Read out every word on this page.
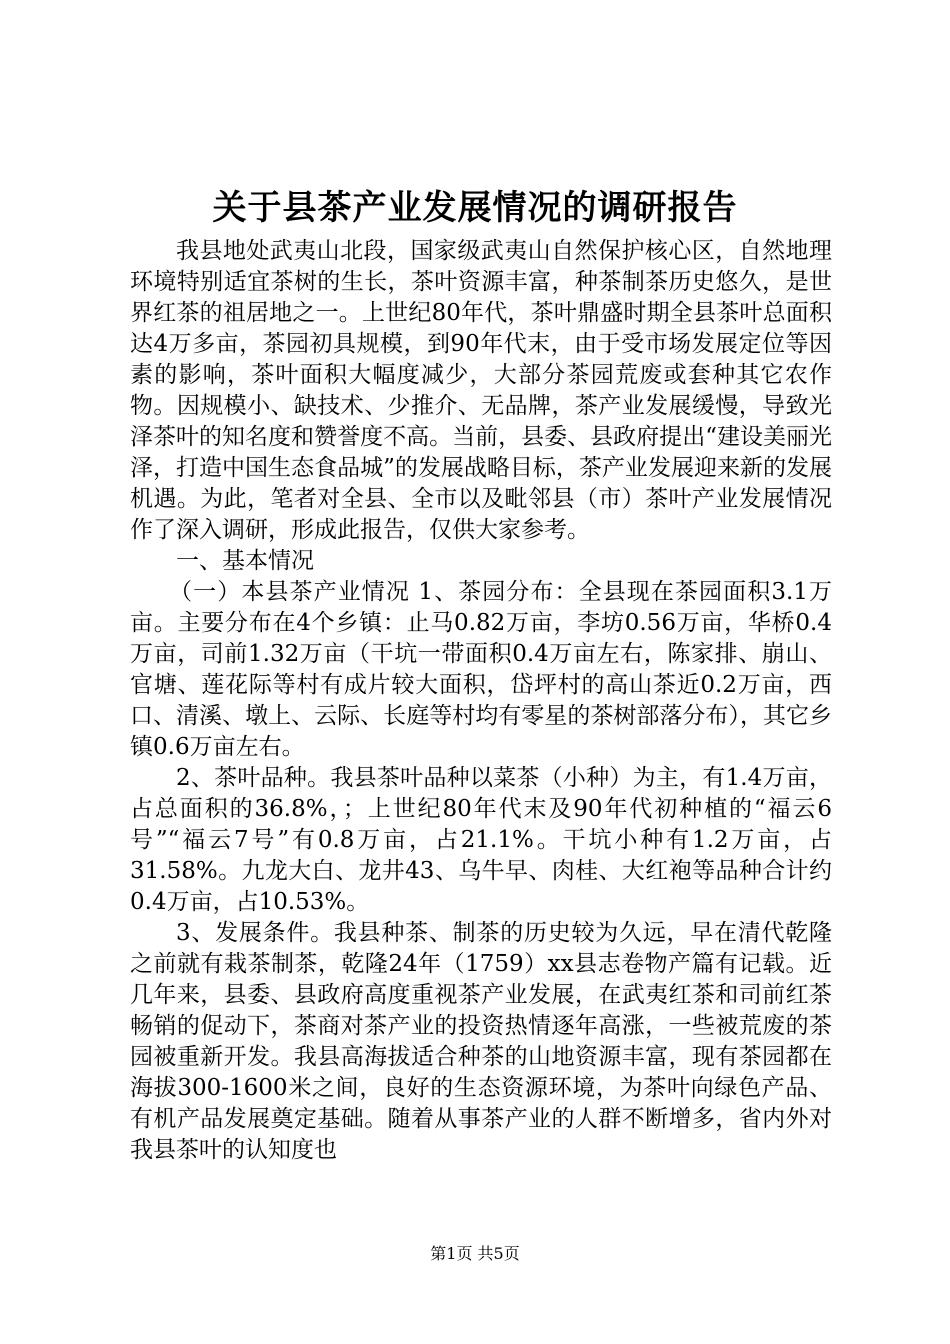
关于县茶产业发展情况的调研报告

我县地处武夷山北段，国家级武夷山自然保护核心区，自然地理环境特别适宜茶树的生长，茶叶资源丰富，种茶制茶历史悠久，是世界红茶的祖居地之一。上世纪80年代，茶叶鼎盛时期全县茶叶总面积达4万多亩，茶园初具规模，到90年代末，由于受市场发展定位等因素的影响，茶叶面积大幅度减少，大部分茶园荒废或套种其它农作物。因规模小、缺技术、少推介、无品牌，茶产业发展缓慢，导致光泽茶叶的知名度和赞誉度不高。当前，县委、县政府提出“建设美丽光泽，打造中国生态食品城”的发展战略目标，茶产业发展迎来新的发展机遇。为此，笔者对全县、全市以及毗邻县（市）茶叶产业发展情况作了深入调研，形成此报告，仅供大家参考。

一、基本情况

（一）本县茶产业情况 1、茶园分布：全县现在茶园面积3.1万亩。主要分布在4个乡镇：止马0.82万亩，李坊0.56万亩，华桥0.4万亩，司前1.32万亩（干坑一带面积0.4万亩左右，陈家排、崩山、官塘、莲花际等村有成片较大面积，岱坪村的高山茶近0.2万亩，西口、清溪、墩上、云际、长庭等村均有零星的茶树部落分布），其它乡镇0.6万亩左右。

2、茶叶品种。我县茶叶品种以菜茶（小种）为主，有1.4万亩，占总面积的36.8%，；上世纪80年代末及90年代初种植的“福云6号”“福云7号”有0.8万亩，占21.1%。干坑小种有1.2万亩，占31.58%。九龙大白、龙井43、乌牛早、肉桂、大红袍等品种合计约0.4万亩，占10.53%。

3、发展条件。我县种茶、制茶的历史较为久远，早在清代乾隆之前就有栽茶制茶，乾隆24年（1759）xx县志卷物产篇有记载。近几年来，县委、县政府高度重视茶产业发展，在武夷红茶和司前红茶畅销的促动下，茶商对茶产业的投资热情逐年高涨，一些被荒废的茶园被重新开发。我县高海拔适合种茶的山地资源丰富，现有茶园都在海拔300-1600米之间，良好的生态资源环境，为茶叶向绿色产品、有机产品发展奠定基础。随着从事茶产业的人群不断增多，省内外对我县茶叶的认知度也

第1页 共5页
